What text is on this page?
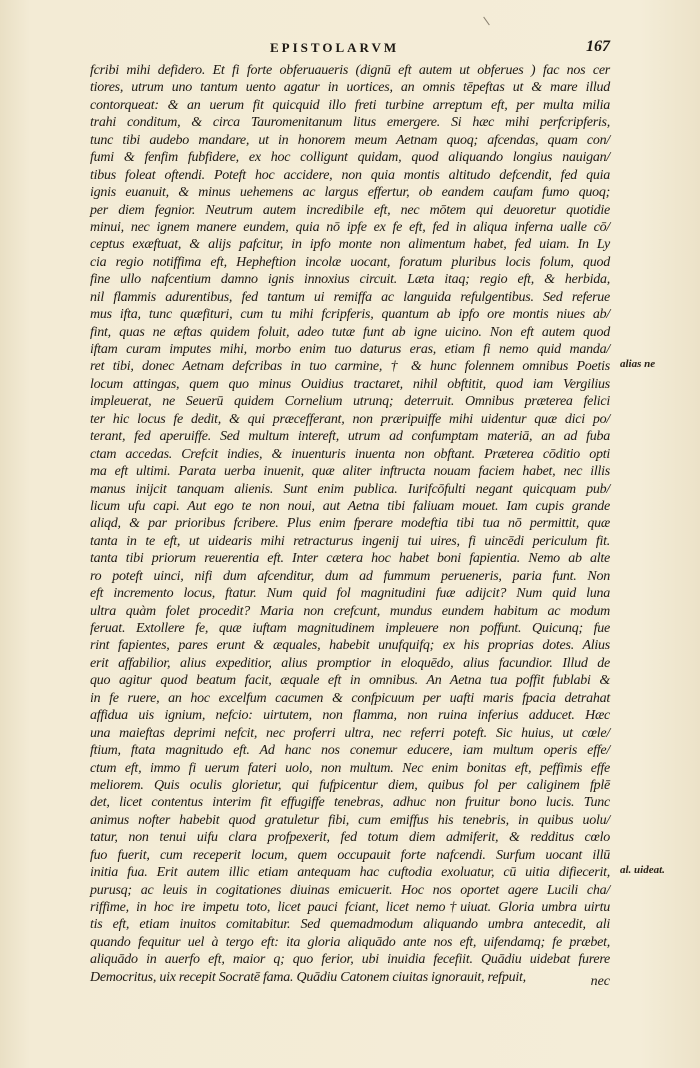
EPISTOLARVM	167
fcribi mihi defidero. Et fi forte obferuaueris (dignū eft autem ut obferues ) fac nos cer
tiores, utrum uno tantum uento agatur in uortices, an omnis tēpeftas ut & mare illud
contorqueat: & an uerum fit quicquid illo freti turbine arreptum eft, per multa milia
trahi conditum, & circa Tauromenitanum litus emergere. Si hæc mihi perfcripferis,
tunc tibi audebo mandare, ut in honorem meum Aetnam quoq; afcendas, quam con/
fumi & fenfim fubfidere, ex hoc colligunt quidam, quod aliquando longius nauigan/
tibus foleat oftendi. Poteft hoc accidere, non quia montis altitudo defcendit, fed quia
ignis euanuit, & minus uehemens ac largus effertur, ob eandem caufam fumo quoq;
per diem fegnior. Neutrum autem incredibile eft, nec mōtem qui deuoretur quotidie
minui, nec ignem manere eundem, quia nō ipfe ex fe eft, fed in aliqua inferna ualle cō/
ceptus exæftuat, & alijs pafcitur, in ipfo monte non alimentum habet, fed uiam. In Ly
cia regio notiffima eft, Hepheftion incolæ uocant, foratum pluribus locis folum, quod
fine ullo nafcentium damno ignis innoxius circuit. Læta itaq; regio eft, & herbida,
nil flammis adurentibus, fed tantum ui remiffa ac languida refulgentibus. Sed referue
mus ifta, tunc quæfituri, cum tu mihi fcripferis, quantum ab ipfo ore montis niues ab/
fint, quas ne æftas quidem foluit, adeo tutæ funt ab igne uicino. Non eft autem quod
iftam curam imputes mihi, morbo enim tuo daturus eras, etiam fi nemo quid manda/
ret tibi, donec Aetnam defcribas in tuo carmine, † & hunc folennem omnibus Poetis
locum attingas, quem quo minus Ouidius tractaret, nihil obftitit, quod iam Vergilius
impleuerat, ne Seuerū quidem Cornelium utrunq; deterruit. Omnibus præterea felici
ter hic locus fe dedit, & qui præcefferant, non præripuiffe mihi uidentur quæ dici po/
terant, fed aperuiffe. Sed multum intereft, utrum ad confumptam materiā, an ad fuba
ctam accedas. Crefcit indies, & inuenturis inuenta non obftant. Præterea cōditio opti
ma eft ultimi. Parata uerba inuenit, quæ aliter inftructa nouam faciem habet, nec illis
manus inijcit tanquam alienis. Sunt enim publica. Iurifcōfulti negant quicquam pub/
licum ufu capi. Aut ego te non noui, aut Aetna tibi faliuam mouet. Iam cupis grande
aliqd, & par prioribus fcribere. Plus enim fperare modeftia tibi tua nō permittit, quæ
tanta in te eft, ut uidearis mihi retracturus ingenij tui uires, fi uincēdi periculum fit.
tanta tibi priorum reuerentia eft. Inter cætera hoc habet boni fapientia. Nemo ab alte
ro poteft uinci, nifi dum afcenditur, dum ad fummum perueneris, paria funt. Non
eft incremento locus, ftatur. Num quid fol magnitudini fuæ adijcit? Num quid luna
ultra quàm folet procedit? Maria non crefcunt, mundus eundem habitum ac modum
feruat. Extollere fe, quæ iuftam magnitudinem impleuere non poffunt. Quicunq; fue
rint fapientes, pares erunt & æquales, habebit unufquifq; ex his proprias dotes. Alius
erit affabilior, alius expeditior, alius promptior in eloquēdo, alius facundior. Illud de
quo agitur quod beatum facit, æquale eft in omnibus. An Aetna tua poffit fublabi &
in fe ruere, an hoc excelfum cacumen & confpicuum per uafti maris fpacia detrahat
affidua uis ignium, nefcio: uirtutem, non flamma, non ruina inferius adducet. Hæc
una maieftas deprimi nefcit, nec proferri ultra, nec referri poteft. Sic huius, ut cœle/
ftium, ftata magnitudo eft. Ad hanc nos conemur educere, iam multum operis effe/
ctum eft, immo fi uerum fateri uolo, non multum. Nec enim bonitas eft, peffimis effe
meliorem. Quis oculis glorietur, qui fufpicentur diem, quibus fol per caliginem fplē
det, licet contentus interim fit effugiffe tenebras, adhuc non fruitur bono lucis. Tunc
animus nofter habebit quod gratuletur fibi, cum emiffus his tenebris, in quibus uolu/
tatur, non tenui uifu clara profpexerit, fed totum diem admiferit, & redditus cœlo
fuo fuerit, cum receperit locum, quem occupauit forte nafcendi. Surfum uocant illū
initia fua. Erit autem illic etiam antequam hac cuftodia exoluatur, cū uitia difiecerit,
purusq; ac leuis in cogitationes diuinas emicuerit. Hoc nos oportet agere Lucili cha/
riffime, in hoc ire impetu toto, licet pauci fciant, licet nemo†uiuat. Gloria umbra uirtu
tis eft, etiam inuitos comitabitur. Sed quemadmodum aliquando umbra antecedit, ali
quando fequitur uel à tergo eft: ita gloria aliquādo ante nos eft, uifendamq; fe præbet,
aliquādo in auerfo eft, maior q; quo ferior, ubi inuidia fecefiit. Quādiu uidebat furere
Democritus, uix recepit Socratē fama. Quādiu Catonem ciuitas ignorauit, refpuit,
alias ne
al. uideat.
nec
